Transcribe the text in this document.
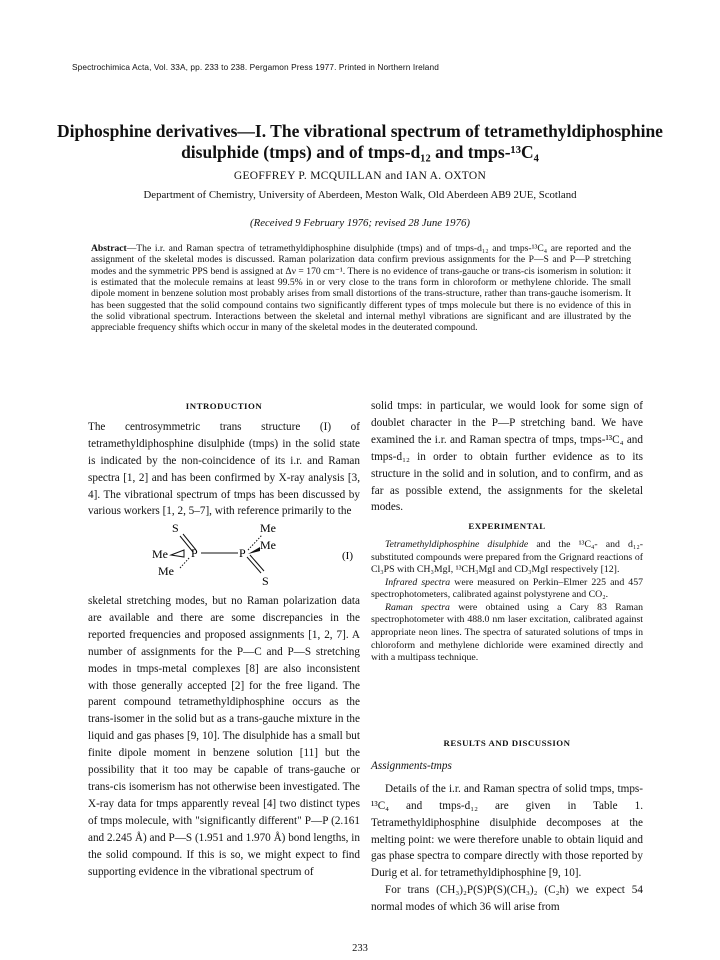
Spectrochimica Acta, Vol. 33A, pp. 233 to 238. Pergamon Press 1977. Printed in Northern Ireland
Diphosphine derivatives—I. The vibrational spectrum of tetramethyldiphosphine
disulphide (tmps) and of tmps-d₁₂ and tmps-¹³C₄
GEOFFREY P. MCQUILLAN and IAN A. OXTON
Department of Chemistry, University of Aberdeen, Meston Walk, Old Aberdeen AB9 2UE, Scotland
(Received 9 February 1976; revised 28 June 1976)
Abstract—The i.r. and Raman spectra of tetramethyldiphosphine disulphide (tmps) and of tmps-d₁₂ and tmps-¹³C₄ are reported and the assignment of the skeletal modes is discussed. Raman polarization data confirm previous assignments for the P—S and P—P stretching modes and the symmetric PPS bend is assigned at Δν = 170 cm⁻¹. There is no evidence of trans-gauche or trans-cis isomerism in solution: it is estimated that the molecule remains at least 99.5% in or very close to the trans form in chloroform or methylene chloride. The small dipole moment in benzene solution most probably arises from small distortions of the trans-structure, rather than trans-gauche isomerism. It has been suggested that the solid compound contains two significantly different types of tmps molecule but there is no evidence of this in the solid vibrational spectrum. Interactions between the skeletal and internal methyl vibrations are significant and are illustrated by the appreciable frequency shifts which occur in many of the skeletal modes in the deuterated compound.
INTRODUCTION

The centrosymmetric trans structure (I) of tetramethyldiphosphine disulphide (tmps) in the solid state is indicated by the non-coincidence of its i.r. and Raman spectra [1, 2] and has been confirmed by X-ray analysis [3, 4]. The vibrational spectrum of tmps has been discussed by various workers [1, 2, 5–7], with reference primarily to the

S	Me
Me
Me P	P
Me
S
(I)

skeletal stretching modes, but no Raman polarization data are available and there are some discrepancies in the reported frequencies and proposed assignments [1, 2, 7]. A number of assignments for the P—C and P—S stretching modes in tmps-metal complexes [8] are also inconsistent with those generally accepted [2] for the free ligand. The parent compound tetramethyldiphosphine occurs as the trans-isomer in the solid but as a trans-gauche mixture in the liquid and gas phases [9, 10]. The disulphide has a small but finite dipole moment in benzene solution [11] but the possibility that it too may be capable of trans-gauche or trans-cis isomerism has not otherwise been investigated. The X-ray data for tmps apparently reveal [4] two distinct types of tmps molecule, with "significantly different" P—P (2.161 and 2.245 Å) and P—S (1.951 and 1.970 Å) bond lengths, in the solid compound. If this is so, we might expect to find supporting evidence in the vibrational spectrum of

solid tmps: in particular, we would look for some sign of doublet character in the P—P stretching band. We have examined the i.r. and Raman spectra of tmps, tmps-¹³C₄ and tmps-d₁₂ in order to obtain further evidence as to its structure in the solid and in solution, and to confirm, and as far as possible extend, the assignments for the skeletal modes.

EXPERIMENTAL

Tetramethyldiphosphine disulphide and the ¹³C₄- and d₁₂-substituted compounds were prepared from the Grignard reactions of Cl₃PS with CH₃MgI, ¹³CH₃MgI and CD₃MgI respectively [12].

Infrared spectra were measured on Perkin–Elmer 225 and 457 spectrophotometers, calibrated against polystyrene and CO₂.

Raman spectra were obtained using a Cary 83 Raman spectrophotometer with 488.0 nm laser excitation, calibrated against appropriate neon lines. The spectra of saturated solutions of tmps in chloroform and methylene dichloride were examined directly and with a multipass technique.

RESULTS AND DISCUSSION
Assignments-tmps

Details of the i.r. and Raman spectra of solid tmps, tmps-¹³C₄ and tmps-d₁₂ are given in Table 1. Tetramethyldiphosphine disulphide decomposes at the melting point: we were therefore unable to obtain liquid and gas phase spectra to compare directly with those reported by Durig et al. for tetramethyldiphosphine [9, 10].

For trans (CH₃)₂P(S)P(S)(CH₃)₂ (C₂h) we expect 54 normal modes of which 36 will arise from

233
